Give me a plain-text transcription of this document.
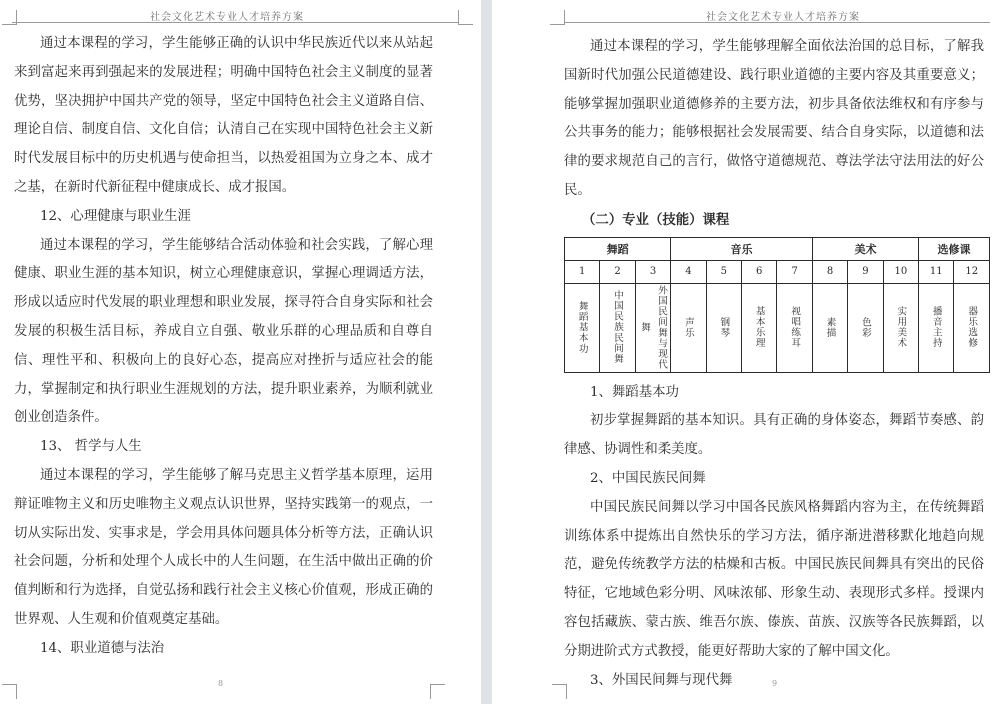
社会文化艺术专业人才培养方案

通过本课程的学习，学生能够正确的认识中华民族近代以来从站起来到富起来再到强起来的发展进程；明确中国特色社会主义制度的显著优势，坚决拥护中国共产党的领导，坚定中国特色社会主义道路自信、理论自信、制度自信、文化自信；认清自己在实现中国特色社会主义新时代发展目标中的历史机遇与使命担当，以热爱祖国为立身之本、成才之基，在新时代新征程中健康成长、成才报国。

12、心理健康与职业生涯

通过本课程的学习，学生能够结合活动体验和社会实践，了解心理健康、职业生涯的基本知识，树立心理健康意识，掌握心理调适方法，形成以适应时代发展的职业理想和职业发展，探寻符合自身实际和社会发展的积极生活目标，养成自立自强、敬业乐群的心理品质和自尊自信、理性平和、积极向上的良好心态，提高应对挫折与适应社会的能力，掌握制定和执行职业生涯规划的方法，提升职业素养，为顺利就业创业创造条件。

13、 哲学与人生

通过本课程的学习，学生能够了解马克思主义哲学基本原理，运用辩证唯物主义和历史唯物主义观点认识世界，坚持实践第一的观点，一切从实际出发、实事求是，学会用具体问题具体分析等方法，正确认识社会问题，分析和处理个人成长中的人生问题，在生活中做出正确的价值判断和行为选择，自觉弘扬和践行社会主义核心价值观，形成正确的世界观、人生观和价值观奠定基础。

14、职业道德与法治

8
社会文化艺术专业人才培养方案

通过本课程的学习，学生能够理解全面依法治国的总目标，了解我国新时代加强公民道德建设、践行职业道德的主要内容及其重要意义；能够掌握加强职业道德修养的主要方法，初步具备依法维权和有序参与公共事务的能力；能够根据社会发展需要、结合自身实际，以道德和法律的要求规范自己的言行，做恪守道德规范、尊法学法守法用法的好公民。

（二）专业（技能）课程

舞蹈			音乐				美术			选修课	
1	2	3	4	5	6	7	8	9	10	11	12
舞蹈基本功	中国民族民间舞	外国民间舞与现代舞	声乐	钢琴	基本乐理	视唱练耳	素描	色彩	实用美术	播音主持	器乐选修

1、舞蹈基本功

初步掌握舞蹈的基本知识。具有正确的身体姿态，舞蹈节奏感、韵律感、协调性和柔美度。

2、中国民族民间舞

中国民族民间舞以学习中国各民族风格舞蹈内容为主，在传统舞蹈训练体系中提炼出自然快乐的学习方法，循序渐进潜移默化地趋向规范，避免传统教学方法的枯燥和古板。中国民族民间舞具有突出的民俗特征，它地域色彩分明、风味浓郁、形象生动、表现形式多样。授课内容包括藏族、蒙古族、维吾尔族、傣族、苗族、汉族等各民族舞蹈，以分期进阶式方式教授，能更好帮助大家的了解中国文化。

3、外国民间舞与现代舞	9
